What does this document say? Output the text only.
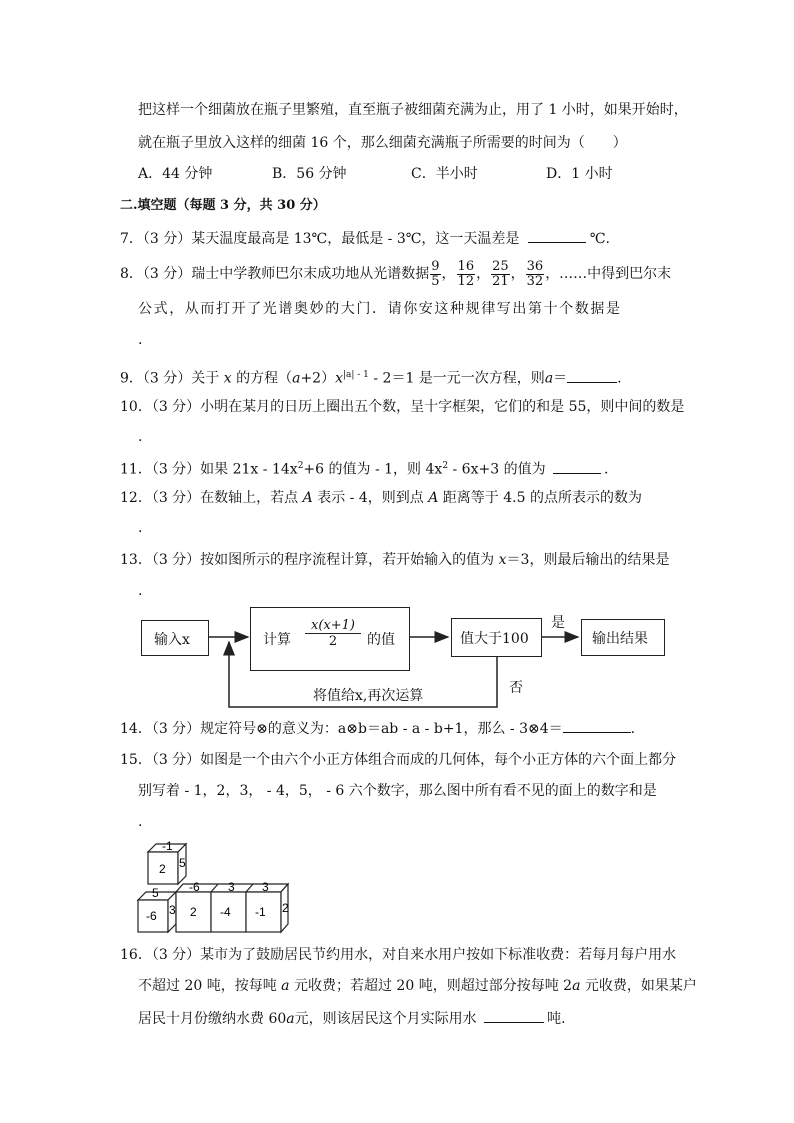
把这样一个细菌放在瓶子里繁殖，直至瓶子被细菌充满为止，用了 1 小时，如果开始时，
就在瓶子里放入这样的细菌 16 个，那么细菌充满瓶子所需要的时间为（　　）
A．44 分钟	B．56 分钟	C．半小时	D．1 小时
二.填空题（每题 3 分，共 30 分）
7．（3 分）某天温度最高是 13℃，最低是 - 3℃，这一天温差是	℃.
8．（3 分）瑞士中学教师巴尔末成功地从光谱数据 $\frac{9}{5}$ ， $\frac{16}{12}$ ， $\frac{25}{21}$ ， $\frac{36}{32}$ ，……中得到巴尔末
公式，从而打开了光谱奥妙的大门．请你安这种规律写出第十个数据是
.
9．（3 分）关于 x 的方程$(a+2)x^{|a| - 1} - 2=1$ 是一元一次方程，则a＝	.
10．（3 分）小明在某月的日历上圈出五个数，呈十字框架，它们的和是 55，则中间的数是
.
11．（3 分）如果 $21x - 14x^2+6$ 的值为 - 1，则 $4x^2 - 6x+3$ 的值为	.
12．（3 分）在数轴上，若点 A 表示 - 4，则到点 A 距离等于 4.5 的点所表示的数为
.
13．（3 分）按如图所示的程序流程计算，若开始输入的值为 x＝3，则最后输出的结果是
.
输入x	计算
x(x+1)
2	的值	值大于100
是
输出结果
否
将值给x,再次运算
14．（3 分）规定符号⊗的意义为：a⊗b＝ab - a - b+1，那么 - 3⊗4＝	.
15．（3 分）如图是一个由六个小正方体组合而成的几何体，每个小正方体的六个面上都分
别写着 - 1，2，3， - 4，5， - 6 六个数字，那么图中所有看不见的面上的数字和是
.
-1
2 5
5
-6 3
-6 3 3
2 -4 -1 2
16．（3 分）某市为了鼓励居民节约用水，对自来水用户按如下标准收费：若每月每户用水
不超过 20 吨，按每吨 a 元收费；若超过 20 吨，则超过部分按每吨 2a 元收费，如果某户
居民十月份缴纳水费 60a元，则该居民这个月实际用水	吨.
